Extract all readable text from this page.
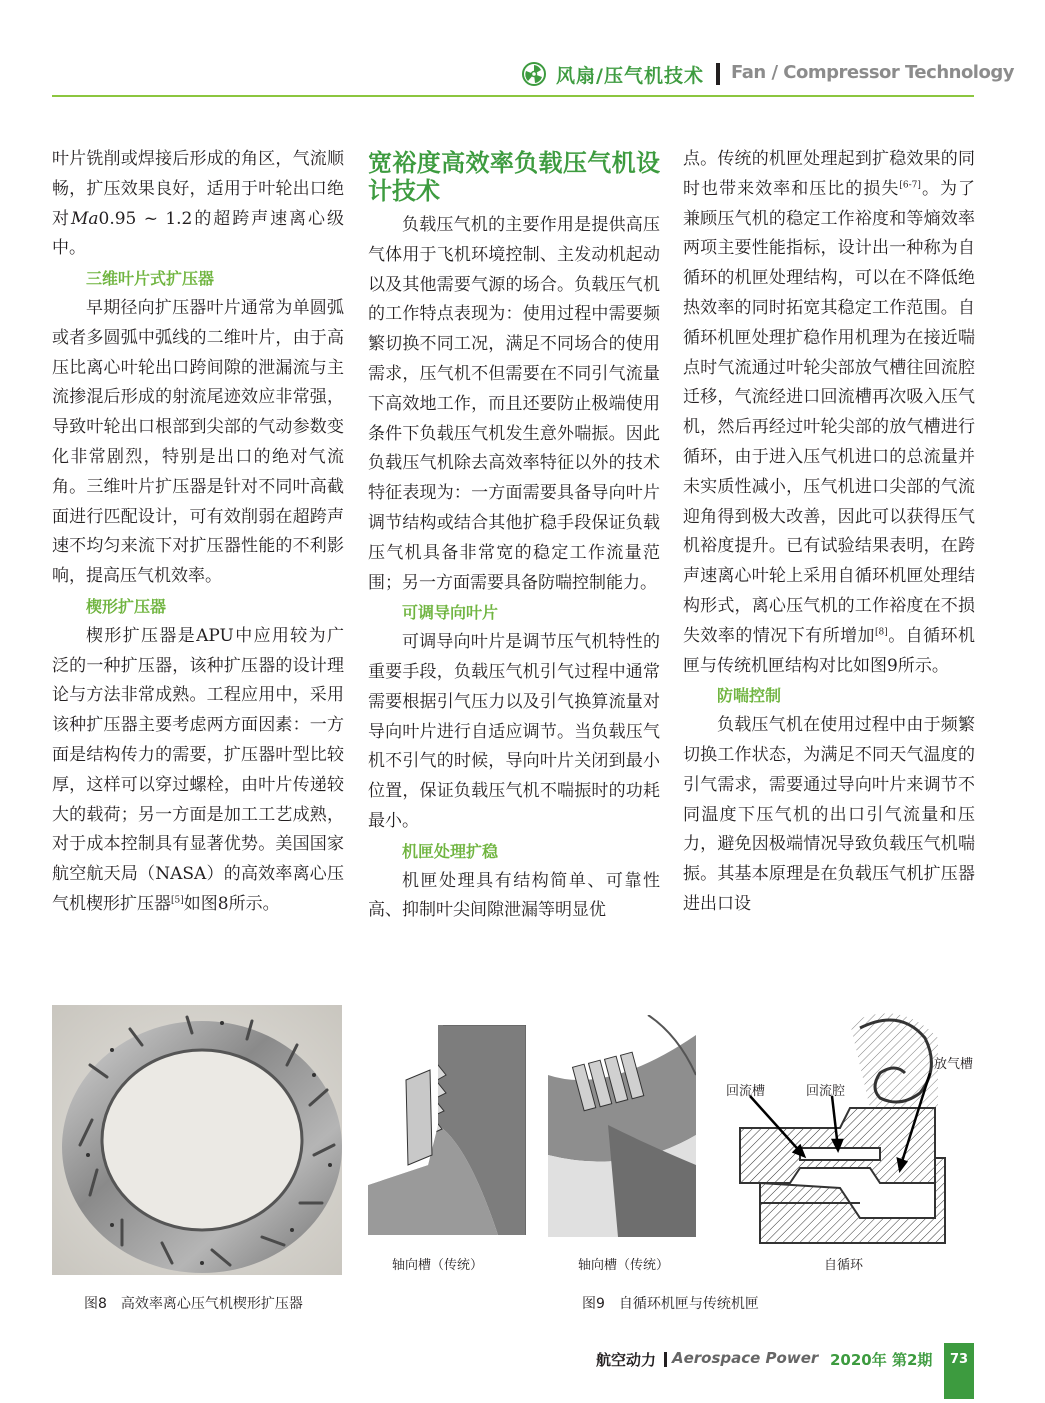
风扇/压气机技术 Fan / Compressor Technology

叶片铣削或焊接后形成的角区，气流顺畅，扩压效果良好，适用于叶轮出口绝对Ma0.95 ~ 1.2的超跨声速离心级中。

三维叶片式扩压器

早期径向扩压器叶片通常为单圆弧或者多圆弧中弧线的二维叶片，由于高压比离心叶轮出口跨间隙的泄漏流与主流掺混后形成的射流尾迹效应非常强，导致叶轮出口根部到尖部的气动参数变化非常剧烈，特别是出口的绝对气流角。三维叶片扩压器是针对不同叶高截面进行匹配设计，可有效削弱在超跨声速不均匀来流下对扩压器性能的不利影响，提高压气机效率。

楔形扩压器

楔形扩压器是APU中应用较为广泛的一种扩压器，该种扩压器的设计理论与方法非常成熟。工程应用中，采用该种扩压器主要考虑两方面因素：一方面是结构传力的需要，扩压器叶型比较厚，这样可以穿过螺栓，由叶片传递较大的载荷；另一方面是加工工艺成熟，对于成本控制具有显著优势。美国国家航空航天局（NASA）的高效率离心压气机楔形扩压器[5]如图8所示。

宽裕度高效率负载压气机设计技术

负载压气机的主要作用是提供高压气体用于飞机环境控制、主发动机起动以及其他需要气源的场合。负载压气机的工作特点表现为：使用过程中需要频繁切换不同工况，满足不同场合的使用需求，压气机不但需要在不同引气流量下高效地工作，而且还要防止极端使用条件下负载压气机发生意外喘振。因此负载压气机除去高效率特征以外的技术特征表现为：一方面需要具备导向叶片调节结构或结合其他扩稳手段保证负载压气机具备非常宽的稳定工作流量范围；另一方面需要具备防喘控制能力。

可调导向叶片

可调导向叶片是调节压气机特性的重要手段，负载压气机引气过程中通常需要根据引气压力以及引气换算流量对导向叶片进行自适应调节。当负载压气机不引气的时候，导向叶片关闭到最小位置，保证负载压气机不喘振时的功耗最小。

机匣处理扩稳

机匣处理具有结构简单、可靠性高、抑制叶尖间隙泄漏等明显优

点。传统的机匣处理起到扩稳效果的同时也带来效率和压比的损失[6-7]。为了兼顾压气机的稳定工作裕度和等熵效率两项主要性能指标，设计出一种称为自循环的机匣处理结构，可以在不降低绝热效率的同时拓宽其稳定工作范围。自循环机匣处理扩稳作用机理为在接近喘点时气流通过叶轮尖部放气槽往回流腔迁移，气流经进口回流槽再次吸入压气机，然后再经过叶轮尖部的放气槽进行循环，由于进入压气机进口的总流量并未实质性减小，压气机进口尖部的气流迎角得到极大改善，因此可以获得压气机裕度提升。已有试验结果表明，在跨声速离心叶轮上采用自循环机匣处理结构形式，离心压气机的工作裕度在不损失效率的情况下有所增加[8]。自循环机匣与传统机匣结构对比如图9所示。

防喘控制

负载压气机在使用过程中由于频繁切换工作状态，为满足不同天气温度的引气需求，需要通过导向叶片来调节不同温度下压气机的出口引气流量和压力，避免因极端情况导致负载压气机喘振。其基本原理是在负载压气机扩压器进出口设

轴向槽（传统）	轴向槽（传统）
回流槽	回流腔
放气槽
自循环
图8　高效率离心压气机楔形扩压器	图9　自循环机匣与传统机匣
航空动力 Aerospace Power 2020年 第2期	73
